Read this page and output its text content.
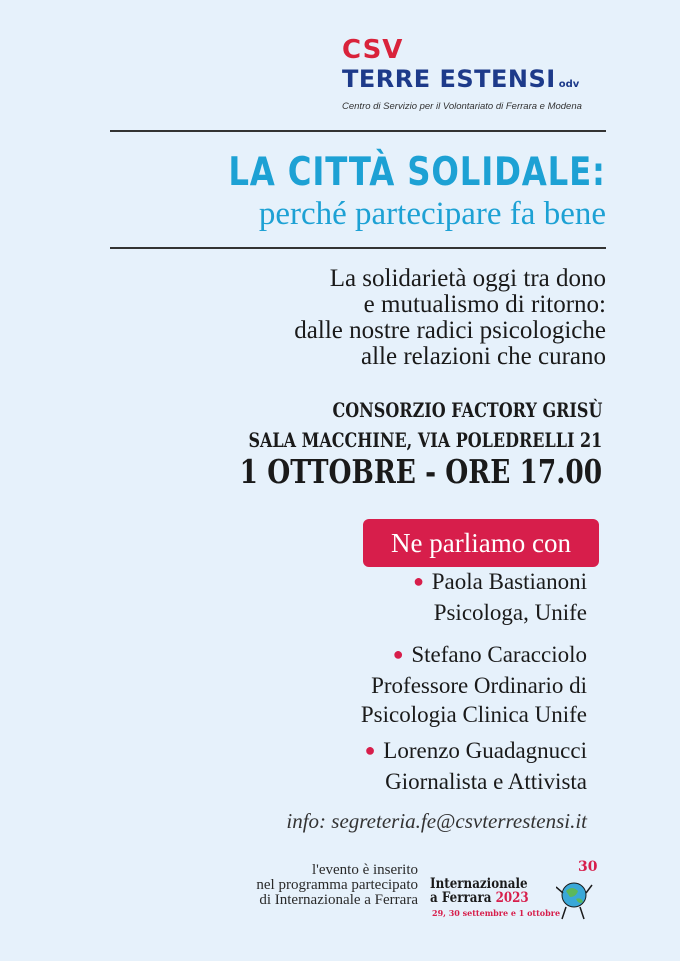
CSV
TERRE ESTENSI odv
Centro di Servizio per il Volontariato di Ferrara e Modena
LA CITTÀ SOLIDALE:
perché partecipare fa bene
La solidarietà oggi tra dono
e mutualismo di ritorno:
dalle nostre radici psicologiche
alle relazioni che curano
CONSORZIO FACTORY GRISÙ
SALA MACCHINE, VIA POLEDRELLI 21
1 OTTOBRE - ORE 17.00
Ne parliamo con
● Paola Bastianoni
Psicologa, Unife
● Stefano Caracciolo
Professore Ordinario di
Psicologia Clinica Unife
● Lorenzo Guadagnucci
Giornalista e Attivista
info: segreteria.fe@csvterrestensi.it
l'evento è inserito
nel programma partecipato
di Internazionale a Ferrara
Internazionale
a Ferrara 2023
29, 30 settembre e 1 ottobre
30
